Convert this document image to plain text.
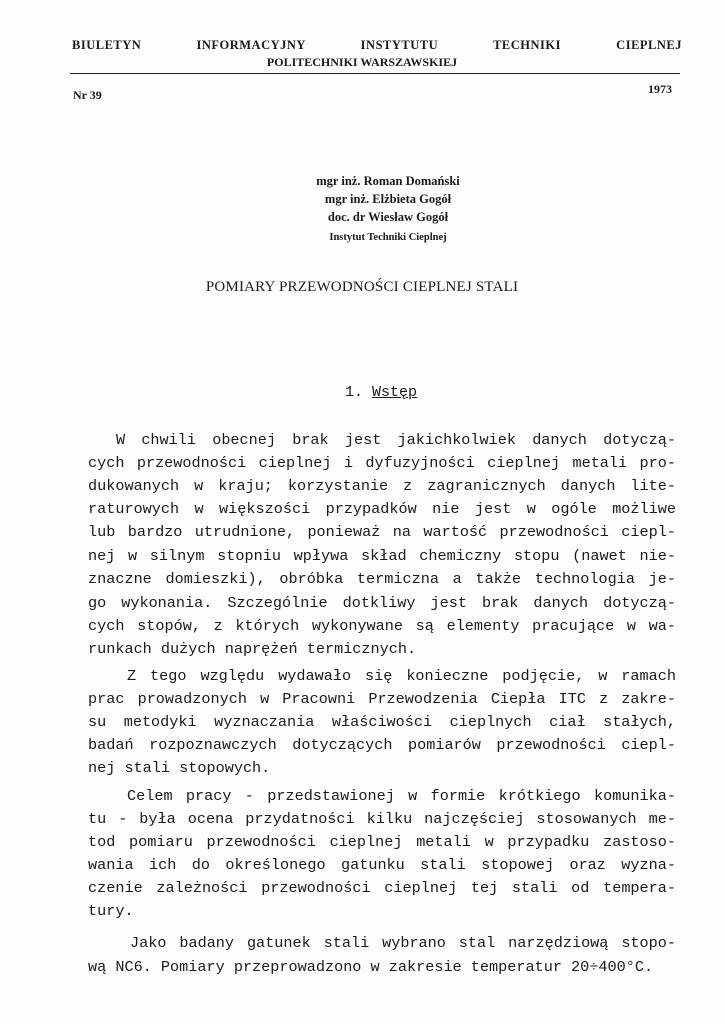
BIULETYN INFORMACYJNY INSTYTUTU TECHNIKI CIEPLNEJ
POLITECHNIKI WARSZAWSKIEJ
Nr 39	1973
mgr inż. Roman Domański
mgr inż. Elżbieta Gogół
doc. dr Wiesław Gogół
Instytut Techniki Cieplnej
POMIARY PRZEWODNOŚCI CIEPLNEJ STALI
1. Wstęp
W chwili obecnej brak jest jakichkolwiek danych dotyczą-
cych przewodności cieplnej i dyfuzyjności cieplnej metali pro-
dukowanych w kraju; korzystanie z zagranicznych danych lite-
raturowych w większości przypadków nie jest w ogóle możliwe
lub bardzo utrudnione, ponieważ na wartość przewodności ciepl-
nej w silnym stopniu wpływa skład chemiczny stopu (nawet nie-
znaczne domieszki), obróbka termiczna a także technologia je-
go wykonania. Szczególnie dotkliwy jest brak danych dotyczą-
cych stopów, z których wykonywane są elementy pracujące w wa-
runkach dużych naprężeń termicznych.
Z tego względu wydawało się konieczne podjęcie, w ramach
prac prowadzonych w Pracowni Przewodzenia Ciepła ITC z zakre-
su metodyki wyznaczania właściwości cieplnych ciał stałych,
badań rozpoznawczych dotyczących pomiarów przewodności ciepl-
nej stali stopowych.
Celem pracy - przedstawionej w formie krótkiego komunika-
tu - była ocena przydatności kilku najczęściej stosowanych me-
tod pomiaru przewodności cieplnej metali w przypadku zastoso-
wania ich do określonego gatunku stali stopowej oraz wyzna-
czenie zależności przewodności cieplnej tej stali od tempera-
tury.
Jako badany gatunek stali wybrano stal narzędziową stopo-
wą NC6. Pomiary przeprowadzono w zakresie temperatur 20÷400°C.
